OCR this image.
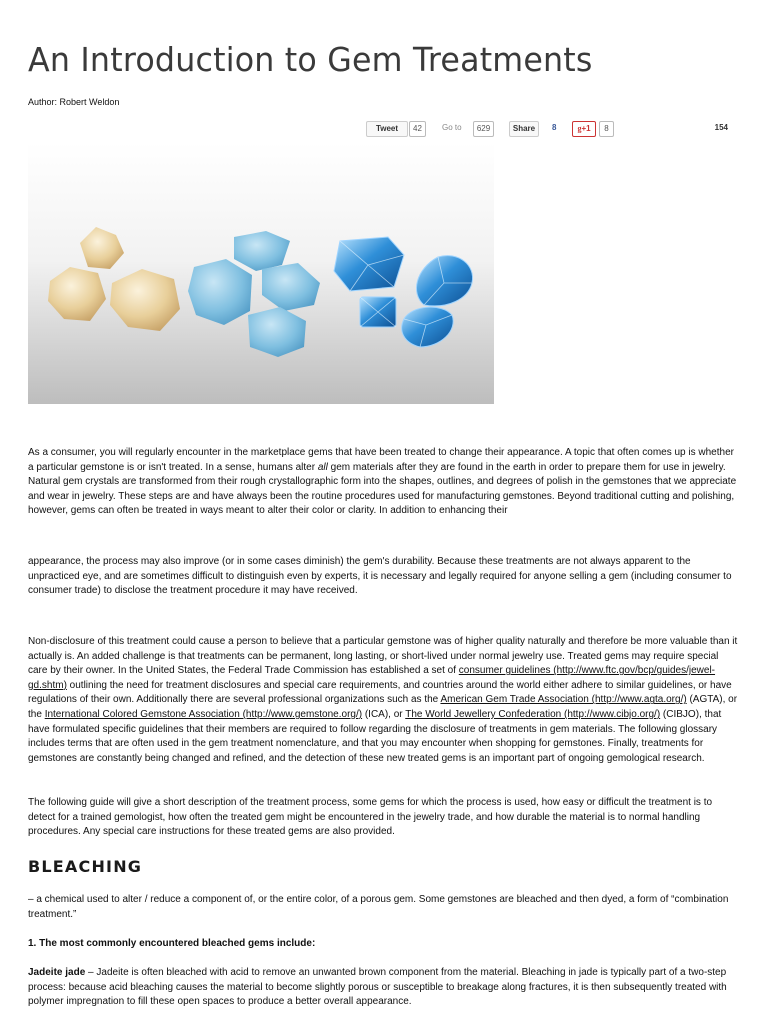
An Introduction to Gem Treatments
Author: Robert Weldon
Tweet	42	Go to	629	Share	8	g+1	8	154

As a consumer, you will regularly encounter in the marketplace gems that have been treated to change their appearance. A topic that often comes up is whether a particular gemstone is or isn't treated. In a sense, humans alter all gem materials after they are found in the earth in order to prepare them for use in jewelry. Natural gem crystals are transformed from their rough crystallographic form into the shapes, outlines, and degrees of polish in the gemstones that we appreciate and wear in jewelry. These steps are and have always been the routine procedures used for manufacturing gemstones. Beyond traditional cutting and polishing, however, gems can often be treated in ways meant to alter their color or clarity. In addition to enhancing their

appearance, the process may also improve (or in some cases diminish) the gem's durability. Because these treatments are not always apparent to the unpracticed eye, and are sometimes difficult to distinguish even by experts, it is necessary and legally required for anyone selling a gem (including consumer to consumer trade) to disclose the treatment procedure it may have received.

Non-disclosure of this treatment could cause a person to believe that a particular gemstone was of higher quality naturally and therefore be more valuable than it actually is. An added challenge is that treatments can be permanent, long lasting, or short-lived under normal jewelry use. Treated gems may require special care by their owner. In the United States, the Federal Trade Commission has established a set of consumer guidelines (http://www.ftc.gov/bcp/guides/jewel-gd.shtm) outlining the need for treatment disclosures and special care requirements, and countries around the world either adhere to similar guidelines, or have regulations of their own. Additionally there are several professional organizations such as the American Gem Trade Association (http://www.agta.org/) (AGTA), or the International Colored Gemstone Association (http://www.gemstone.org/) (ICA), or The World Jewellery Confederation (http://www.cibjo.org/) (CIBJO), that have formulated specific guidelines that their members are required to follow regarding the disclosure of treatments in gem materials. The following glossary includes terms that are often used in the gem treatment nomenclature, and that you may encounter when shopping for gemstones. Finally, treatments for gemstones are constantly being changed and refined, and the detection of these new treated gems is an important part of ongoing gemological research.

The following guide will give a short description of the treatment process, some gems for which the process is used, how easy or difficult the treatment is to detect for a trained gemologist, how often the treated gem might be encountered in the jewelry trade, and how durable the material is to normal handling procedures. Any special care instructions for these treated gems are also provided.

BLEACHING

– a chemical used to alter / reduce a component of, or the entire color, of a porous gem. Some gemstones are bleached and then dyed, a form of “combination treatment.”

1. The most commonly encountered bleached gems include:

Jadeite jade – Jadeite is often bleached with acid to remove an unwanted brown component from the material. Bleaching in jade is typically part of a two-step process: because acid bleaching causes the material to become slightly porous or susceptible to breakage along fractures, it is then subsequently treated with polymer impregnation to fill these open spaces to produce a better overall appearance.
